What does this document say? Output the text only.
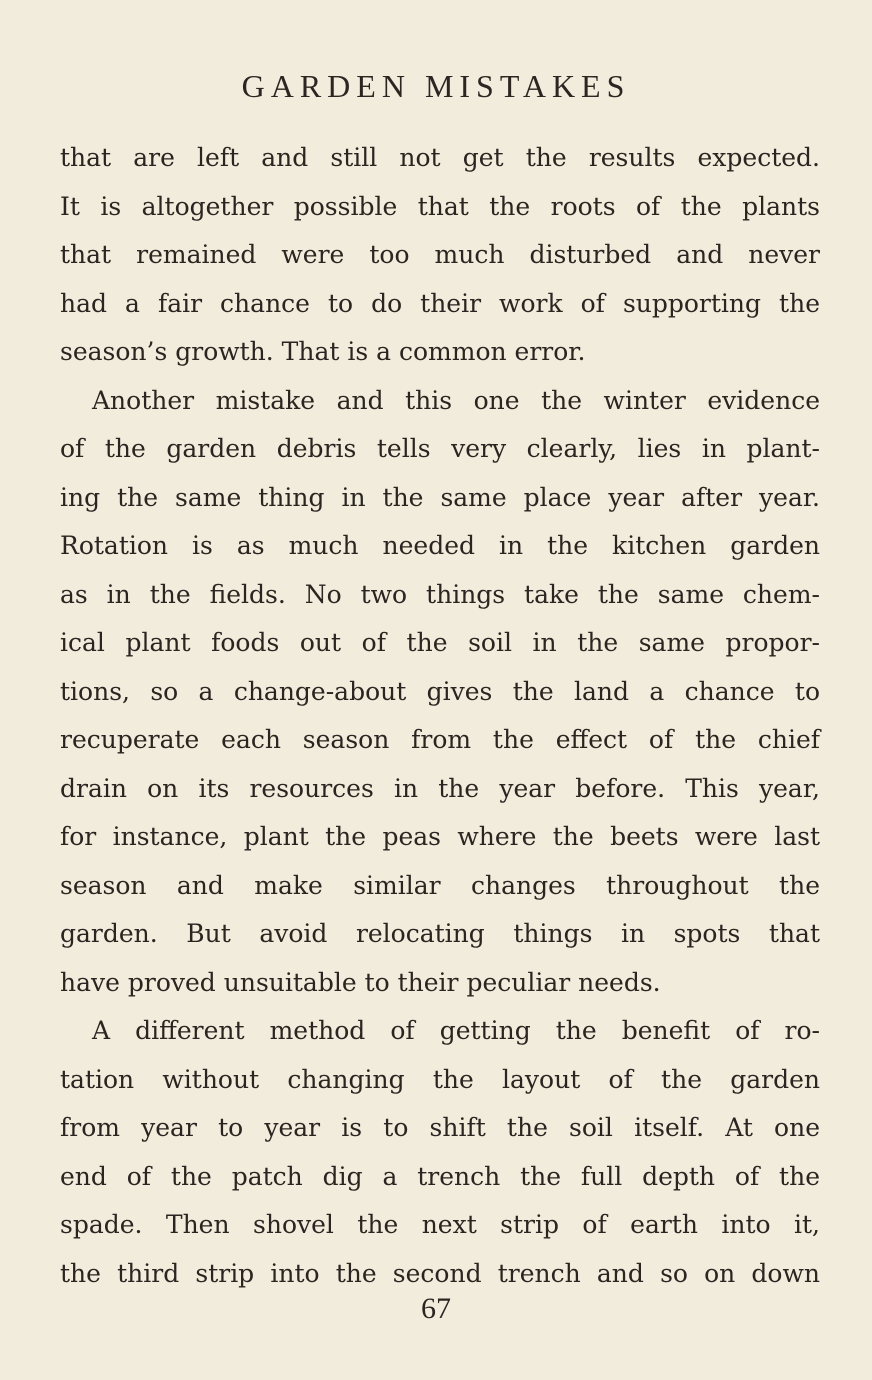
GARDEN MISTAKES
that are left and still not get the results expected.
It is altogether possible that the roots of the plants
that remained were too much disturbed and never
had a fair chance to do their work of supporting the
season’s growth. That is a common error.
Another mistake and this one the winter evidence
of the garden debris tells very clearly, lies in plant-
ing the same thing in the same place year after year.
Rotation is as much needed in the kitchen garden
as in the fields. No two things take the same chem-
ical plant foods out of the soil in the same propor-
tions, so a change-about gives the land a chance to
recuperate each season from the effect of the chief
drain on its resources in the year before. This year,
for instance, plant the peas where the beets were last
season and make similar changes throughout the
garden. But avoid relocating things in spots that
have proved unsuitable to their peculiar needs.
A different method of getting the benefit of ro-
tation without changing the layout of the garden
from year to year is to shift the soil itself. At one
end of the patch dig a trench the full depth of the
spade. Then shovel the next strip of earth into it,
the third strip into the second trench and so on down
67
